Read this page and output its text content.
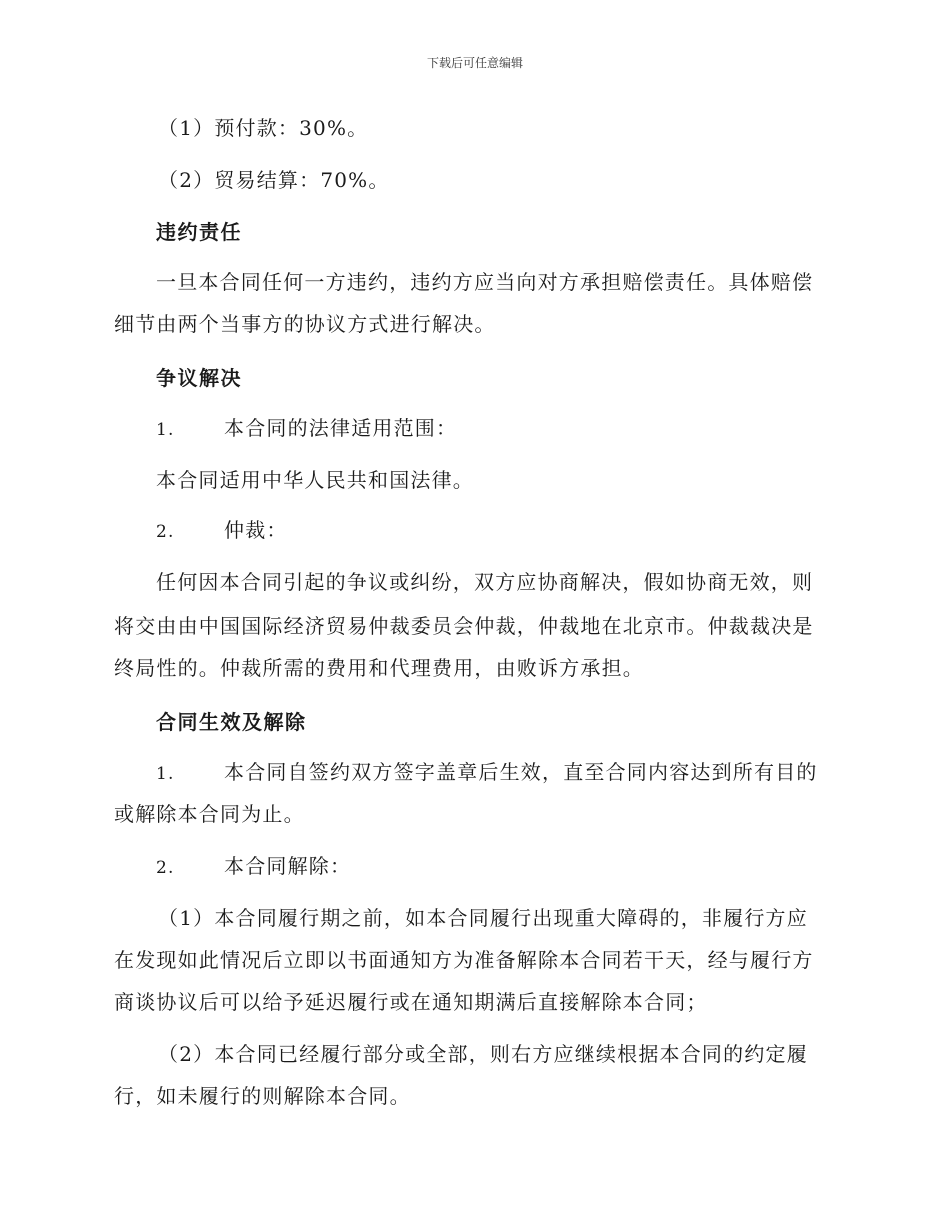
下载后可任意编辑
（1）预付款：30%。
（2）贸易结算：70%。
违约责任
一旦本合同任何一方违约，违约方应当向对方承担赔偿责任。具体赔偿
细节由两个当事方的协议方式进行解决。
争议解决
1. 本合同的法律适用范围：
本合同适用中华人民共和国法律。
2. 仲裁：
任何因本合同引起的争议或纠纷，双方应协商解决，假如协商无效，则
将交由由中国国际经济贸易仲裁委员会仲裁，仲裁地在北京市。仲裁裁决是
终局性的。仲裁所需的费用和代理费用，由败诉方承担。
合同生效及解除
1. 本合同自签约双方签字盖章后生效，直至合同内容达到所有目的
或解除本合同为止。
2. 本合同解除：
（1）本合同履行期之前，如本合同履行出现重大障碍的，非履行方应
在发现如此情况后立即以书面通知方为准备解除本合同若干天，经与履行方
商谈协议后可以给予延迟履行或在通知期满后直接解除本合同；
（2）本合同已经履行部分或全部，则右方应继续根据本合同的约定履
行，如未履行的则解除本合同。
